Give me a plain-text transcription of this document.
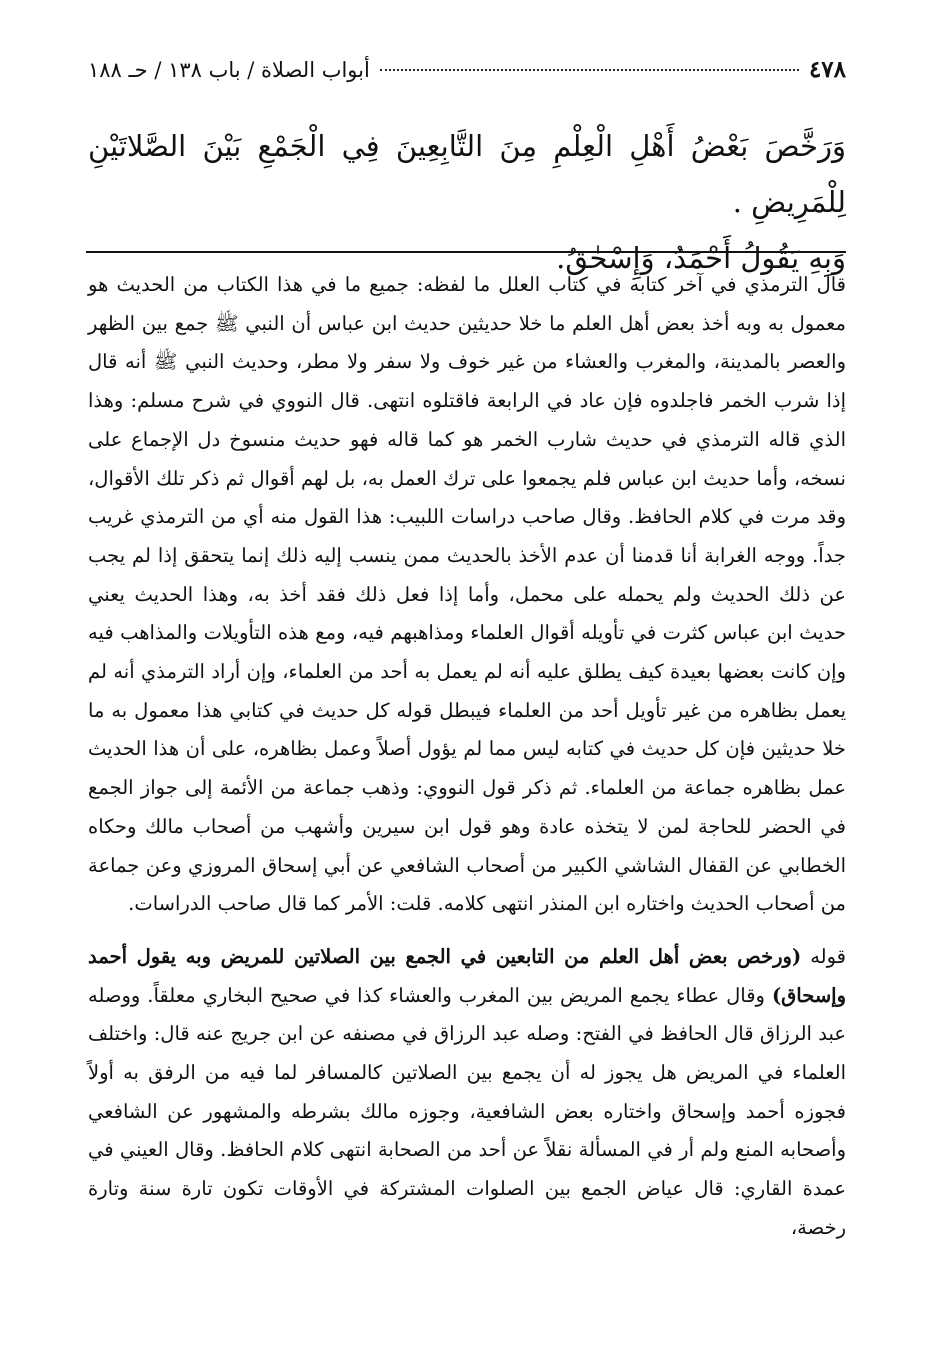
٤٧٨
أبواب الصلاة / باب ١٣٨ / حـ ١٨٨

وَرَخَّصَ بَعْضُ أَهْلِ الْعِلْمِ مِنَ التَّابِعِينَ فِي الْجَمْعِ بَيْنَ الصَّلاتَيْنِ لِلْمَرِيضِ .

وَبِهِ يَقُولُ أَحْمَدُ، وَإِسْحٰقُ.

قال الترمذي في آخر كتابه في كتاب العلل ما لفظه: جميع ما في هذا الكتاب من الحديث هو معمول به وبه أخذ بعض أهل العلم ما خلا حديثين حديث ابن عباس أن النبي ﷺ جمع بين الظهر والعصر بالمدينة، والمغرب والعشاء من غير خوف ولا سفر ولا مطر، وحديث النبي ﷺ أنه قال إذا شرب الخمر فاجلدوه فإن عاد في الرابعة فاقتلوه انتهى. قال النووي في شرح مسلم: وهذا الذي قاله الترمذي في حديث شارب الخمر هو كما قاله فهو حديث منسوخ دل الإجماع على نسخه، وأما حديث ابن عباس فلم يجمعوا على ترك العمل به، بل لهم أقوال ثم ذكر تلك الأقوال، وقد مرت في كلام الحافظ. وقال صاحب دراسات اللبيب: هذا القول منه أي من الترمذي غريب جداً. ووجه الغرابة أنا قدمنا أن عدم الأخذ بالحديث ممن ينسب إليه ذلك إنما يتحقق إذا لم يجب عن ذلك الحديث ولم يحمله على محمل، وأما إذا فعل ذلك فقد أخذ به، وهذا الحديث يعني حديث ابن عباس كثرت في تأويله أقوال العلماء ومذاهبهم فيه، ومع هذه التأويلات والمذاهب فيه وإن كانت بعضها بعيدة كيف يطلق عليه أنه لم يعمل به أحد من العلماء، وإن أراد الترمذي أنه لم يعمل بظاهره من غير تأويل أحد من العلماء فيبطل قوله كل حديث في كتابي هذا معمول به ما خلا حديثين فإن كل حديث في كتابه ليس مما لم يؤول أصلاً وعمل بظاهره، على أن هذا الحديث عمل بظاهره جماعة من العلماء. ثم ذكر قول النووي: وذهب جماعة من الأئمة إلى جواز الجمع في الحضر للحاجة لمن لا يتخذه عادة وهو قول ابن سيرين وأشهب من أصحاب مالك وحكاه الخطابي عن القفال الشاشي الكبير من أصحاب الشافعي عن أبي إسحاق المروزي وعن جماعة من أصحاب الحديث واختاره ابن المنذر انتهى كلامه. قلت: الأمر كما قال صاحب الدراسات.

قوله (ورخص بعض أهل العلم من التابعين في الجمع بين الصلاتين للمريض وبه يقول أحمد وإسحاق) وقال عطاء يجمع المريض بين المغرب والعشاء كذا في صحيح البخاري معلقاً. ووصله عبد الرزاق قال الحافظ في الفتح: وصله عبد الرزاق في مصنفه عن ابن جريج عنه قال: واختلف العلماء في المريض هل يجوز له أن يجمع بين الصلاتين كالمسافر لما فيه من الرفق به أولاً فجوزه أحمد وإسحاق واختاره بعض الشافعية، وجوزه مالك بشرطه والمشهور عن الشافعي وأصحابه المنع ولم أر في المسألة نقلاً عن أحد من الصحابة انتهى كلام الحافظ. وقال العيني في عمدة القاري: قال عياض الجمع بين الصلوات المشتركة في الأوقات تكون تارة سنة وتارة رخصة،
